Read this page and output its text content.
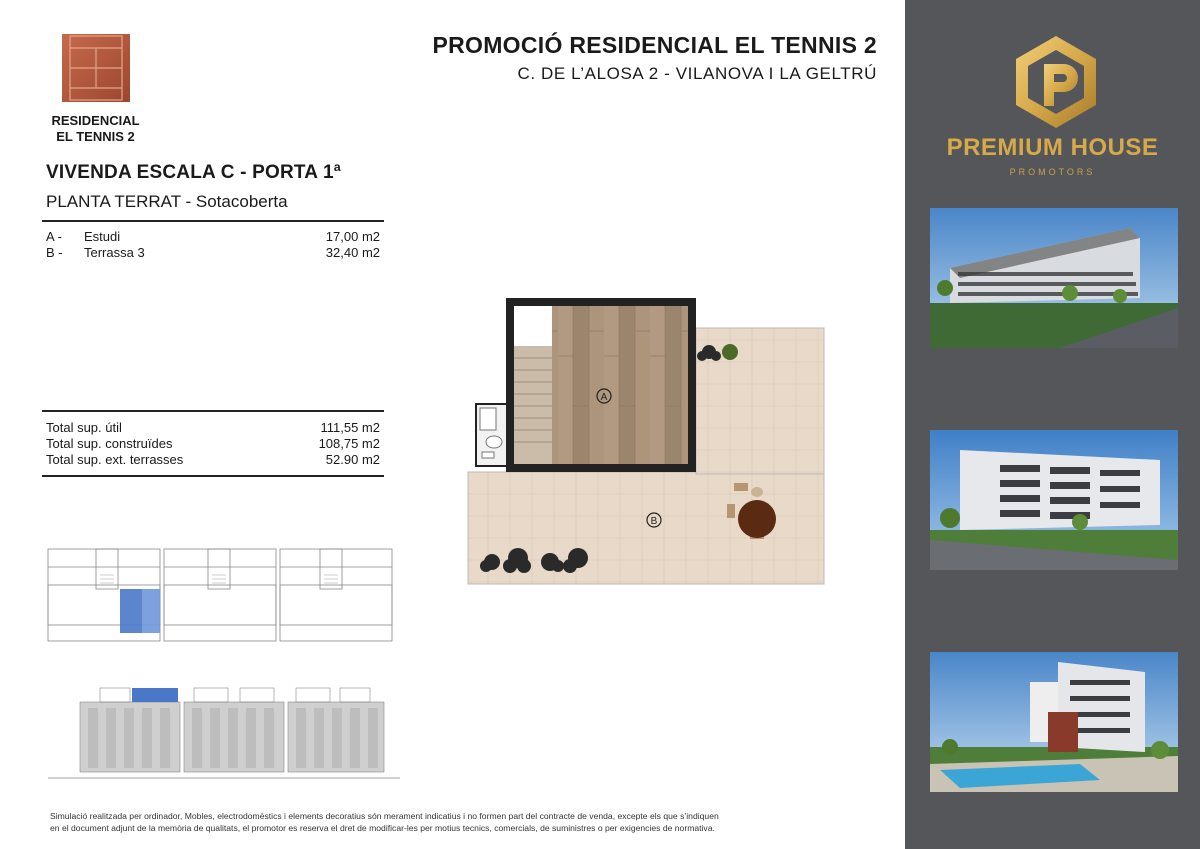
RESIDENCIAL
EL TENNIS 2
PROMOCIÓ RESIDENCIAL EL TENNIS 2
C. DE L’ALOSA 2 - VILANOVA I LA GELTRÚ
VIVENDA ESCALA C - PORTA 1ª
PLANTA TERRAT - Sotacoberta
A - Estudi	17,00 m2
B - Terrassa 3	32,40 m2
Total sup. útil	111,55 m2
Total sup. construïdes	108,75 m2
Total sup. ext. terrasses	52.90 m2
A
B
Simulació realitzada per ordinador, Mobles, electrodomèstics i elements decoratius són merament indicatius i no formen part del contracte de venda, excepte els que s’indiquen
en el document adjunt de la memòria de qualitats, el promotor es reserva el dret de modificar-les per motius tecnics, comercials, de suministres o per exigencies de normativa.
PREMIUM HOUSE
PROMOTORS
